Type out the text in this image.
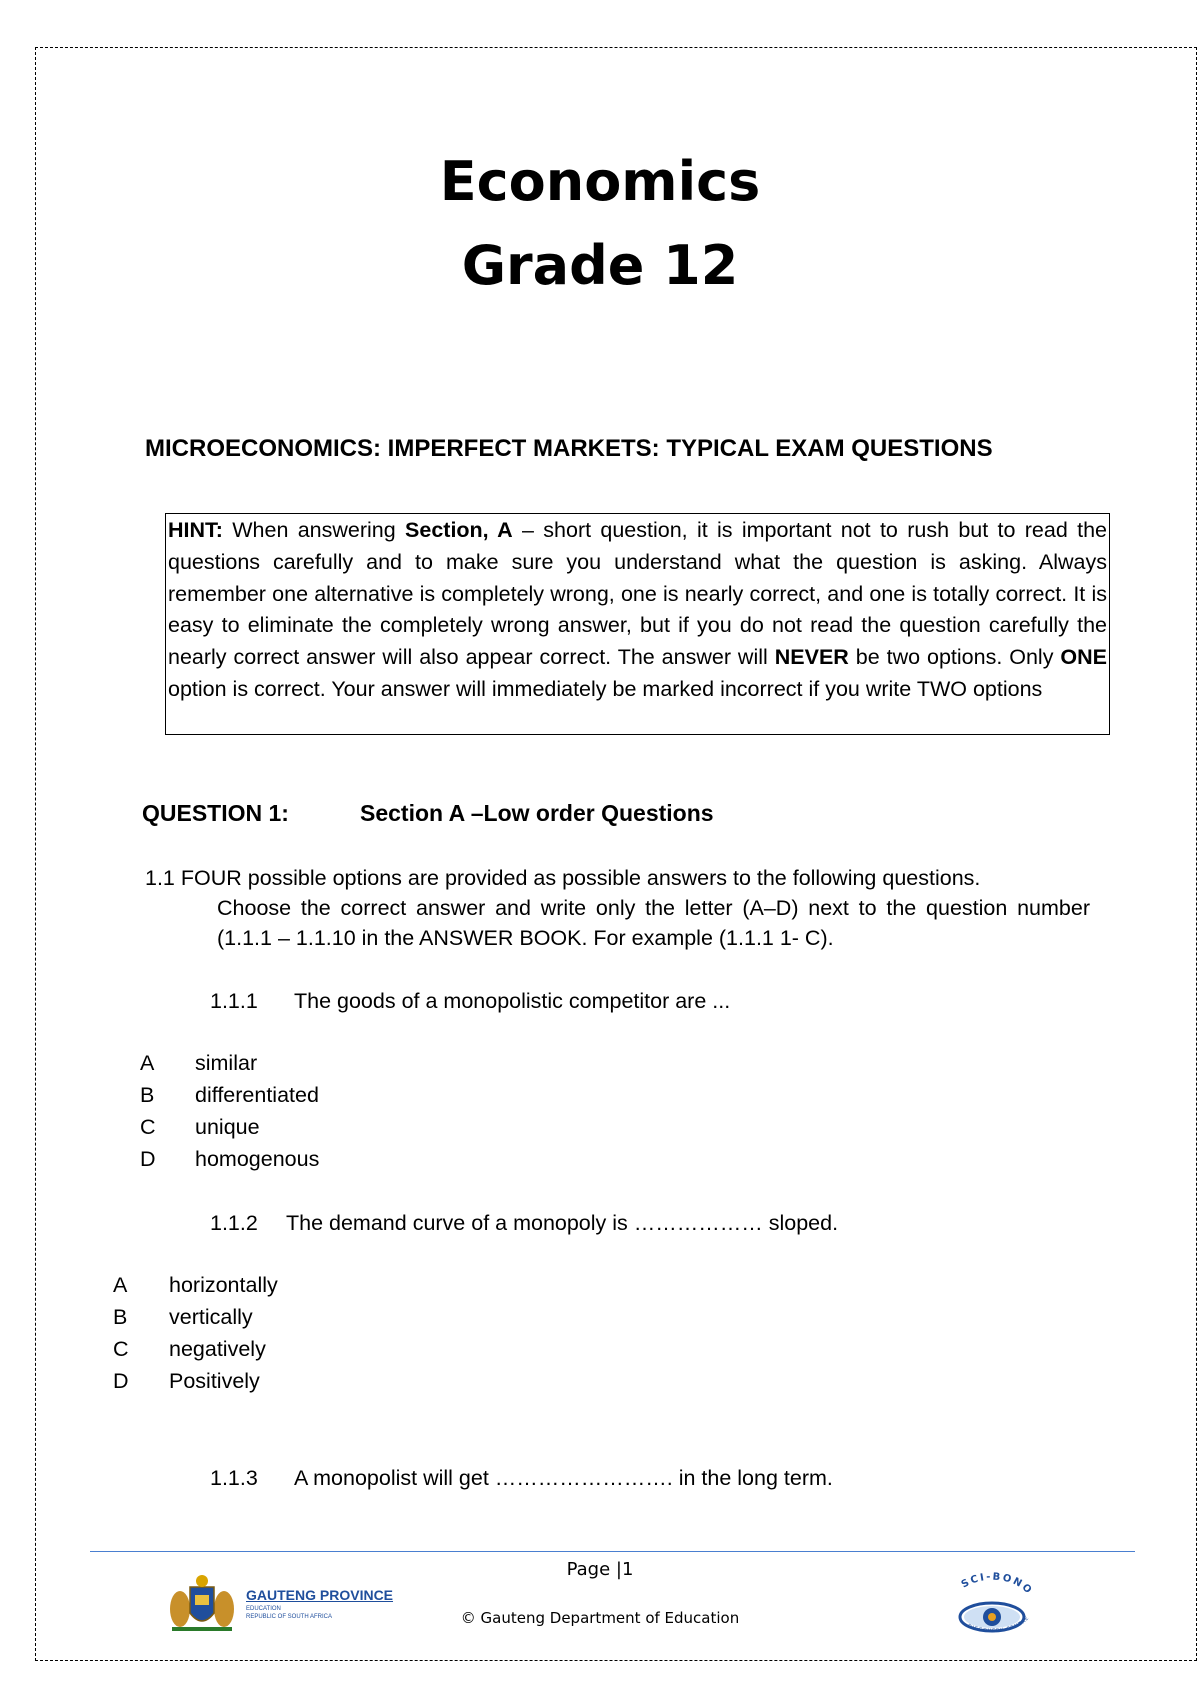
Economics
Grade 12
MICROECONOMICS: IMPERFECT MARKETS: TYPICAL EXAM QUESTIONS
HINT: When answering Section, A – short question, it is important not to rush but to read the questions carefully and to make sure you understand what the question is asking. Always remember one alternative is completely wrong, one is nearly correct, and one is totally correct. It is easy to eliminate the completely wrong answer, but if you do not read the question carefully the nearly correct answer will also appear correct. The answer will NEVER be two options. Only ONE option is correct. Your answer will immediately be marked incorrect if you write TWO options
QUESTION 1:	Section A –Low order Questions
1.1 FOUR possible options are provided as possible answers to the following questions.
Choose the correct answer and write only the letter (A–D) next to the question number (1.1.1 – 1.1.10 in the ANSWER BOOK. For example (1.1.1 1- C).
1.1.1 The goods of a monopolistic competitor are ...
A similar
B differentiated
C unique
D homogenous
1.1.2 The demand curve of a monopoly is ……………… sloped.
A horizontally
B vertically
C negatively
D Positively
1.1.3 A monopolist will get ……………………. in the long term.
Page |1
© Gauteng Department of Education
GAUTENG PROVINCE
EDUCATION
REPUBLIC OF SOUTH AFRICA
SCI-BONO
DISCOVERY CENTRE
